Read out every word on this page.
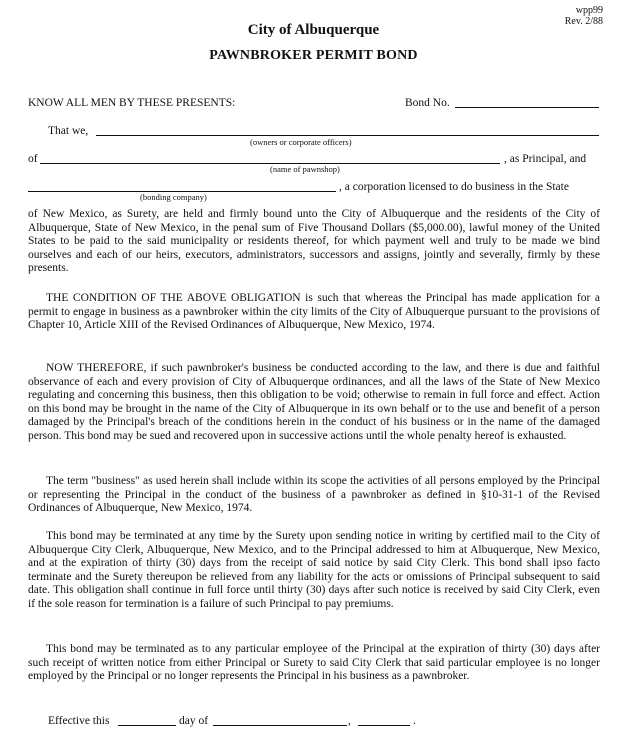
wpp99
Rev. 2/88
City of Albuquerque
PAWNBROKER PERMIT BOND
KNOW ALL MEN BY THESE PRESENTS:	Bond No.
That we,
(owners or corporate officers)
of	, as Principal, and
(name of pawnshop)
, a corporation licensed to do business in the State
(bonding company)
of New Mexico, as Surety, are held and firmly bound unto the City of Albuquerque and the residents of the City of Albuquerque, State of New Mexico, in the penal sum of Five Thousand Dollars ($5,000.00), lawful money of the United States to be paid to the said municipality or residents thereof, for which payment well and truly to be made we bind ourselves and each of our heirs, executors, administrators, successors and assigns, jointly and severally, firmly by these presents.
THE CONDITION OF THE ABOVE OBLIGATION is such that whereas the Principal has made application for a permit to engage in business as a pawnbroker within the city limits of the City of Albuquerque pursuant to the provisions of Chapter 10, Article XIII of the Revised Ordinances of Albuquerque, New Mexico, 1974.
NOW THEREFORE, if such pawnbroker's business be conducted according to the law, and there is due and faithful observance of each and every provision of City of Albuquerque ordinances, and all the laws of the State of New Mexico regulating and concerning this business, then this obligation to be void; otherwise to remain in full force and effect. Action on this bond may be brought in the name of the City of Albuquerque in its own behalf or to the use and benefit of a person damaged by the Principal's breach of the conditions herein in the conduct of his business or in the name of the damaged person. This bond may be sued and recovered upon in successive actions until the whole penalty hereof is exhausted.
The term "business" as used herein shall include within its scope the activities of all persons employed by the Principal or representing the Principal in the conduct of the business of a pawnbroker as defined in §10-31-1 of the Revised Ordinances of Albuquerque, New Mexico, 1974.
This bond may be terminated at any time by the Surety upon sending notice in writing by certified mail to the City of Albuquerque City Clerk, Albuquerque, New Mexico, and to the Principal addressed to him at Albuquerque, New Mexico, and at the expiration of thirty (30) days from the receipt of said notice by said City Clerk. This bond shall ipso facto terminate and the Surety thereupon be relieved from any liability for the acts or omissions of Principal subsequent to said date. This obligation shall continue in full force until thirty (30) days after such notice is received by said City Clerk, even if the sole reason for termination is a failure of such Principal to pay premiums.
This bond may be terminated as to any particular employee of the Principal at the expiration of thirty (30) days after such receipt of written notice from either Principal or Surety to said City Clerk that said particular employee is no longer employed by the Principal or no longer represents the Principal in his business as a pawnbroker.
Effective this	day of	,	.
